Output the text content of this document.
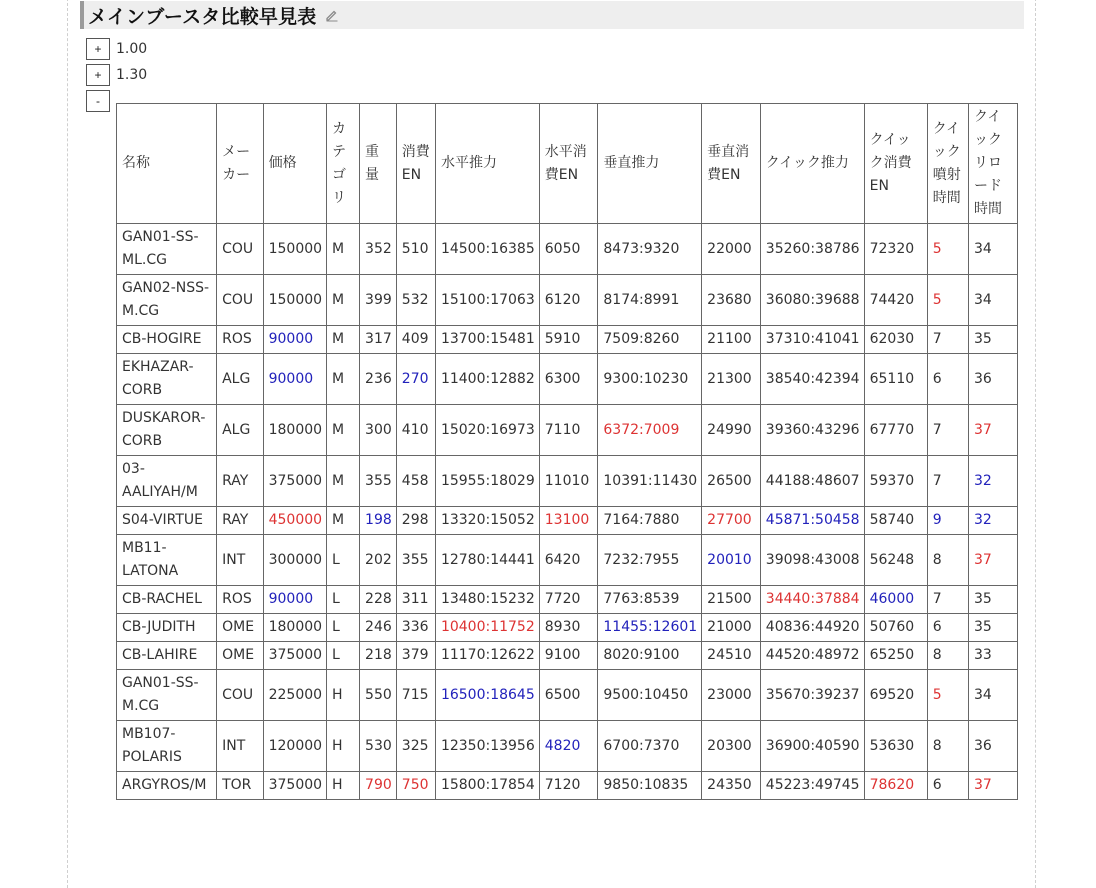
メインブースタ比較早見表
+	1.00
+	1.30
-
名称	メーカー	価格	カテゴリ	重量	消費EN	水平推力	水平消費EN	垂直推力	垂直消費EN	クイック推力	クイック消費EN	クイック噴射時間	クイックリロード時間
GAN01-SS-ML.CG	COU	150000	M	352	510	14500:16385	6050	8473:9320	22000	35260:38786	72320	5	34
GAN02-NSS-M.CG	COU	150000	M	399	532	15100:17063	6120	8174:8991	23680	36080:39688	74420	5	34
CB-HOGIRE	ROS	90000	M	317	409	13700:15481	5910	7509:8260	21100	37310:41041	62030	7	35
EKHAZAR-CORB	ALG	90000	M	236	270	11400:12882	6300	9300:10230	21300	38540:42394	65110	6	36
DUSKAROR-CORB	ALG	180000	M	300	410	15020:16973	7110	6372:7009	24990	39360:43296	67770	7	37
03-AALIYAH/M	RAY	375000	M	355	458	15955:18029	11010	10391:11430	26500	44188:48607	59370	7	32
S04-VIRTUE	RAY	450000	M	198	298	13320:15052	13100	7164:7880	27700	45871:50458	58740	9	32
MB11-LATONA	INT	300000	L	202	355	12780:14441	6420	7232:7955	20010	39098:43008	56248	8	37
CB-RACHEL	ROS	90000	L	228	311	13480:15232	7720	7763:8539	21500	34440:37884	46000	7	35
CB-JUDITH	OME	180000	L	246	336	10400:11752	8930	11455:12601	21000	40836:44920	50760	6	35
CB-LAHIRE	OME	375000	L	218	379	11170:12622	9100	8020:9100	24510	44520:48972	65250	8	33
GAN01-SS-M.CG	COU	225000	H	550	715	16500:18645	6500	9500:10450	23000	35670:39237	69520	5	34
MB107-POLARIS	INT	120000	H	530	325	12350:13956	4820	6700:7370	20300	36900:40590	53630	8	36
ARGYROS/M	TOR	375000	H	790	750	15800:17854	7120	9850:10835	24350	45223:49745	78620	6	37
